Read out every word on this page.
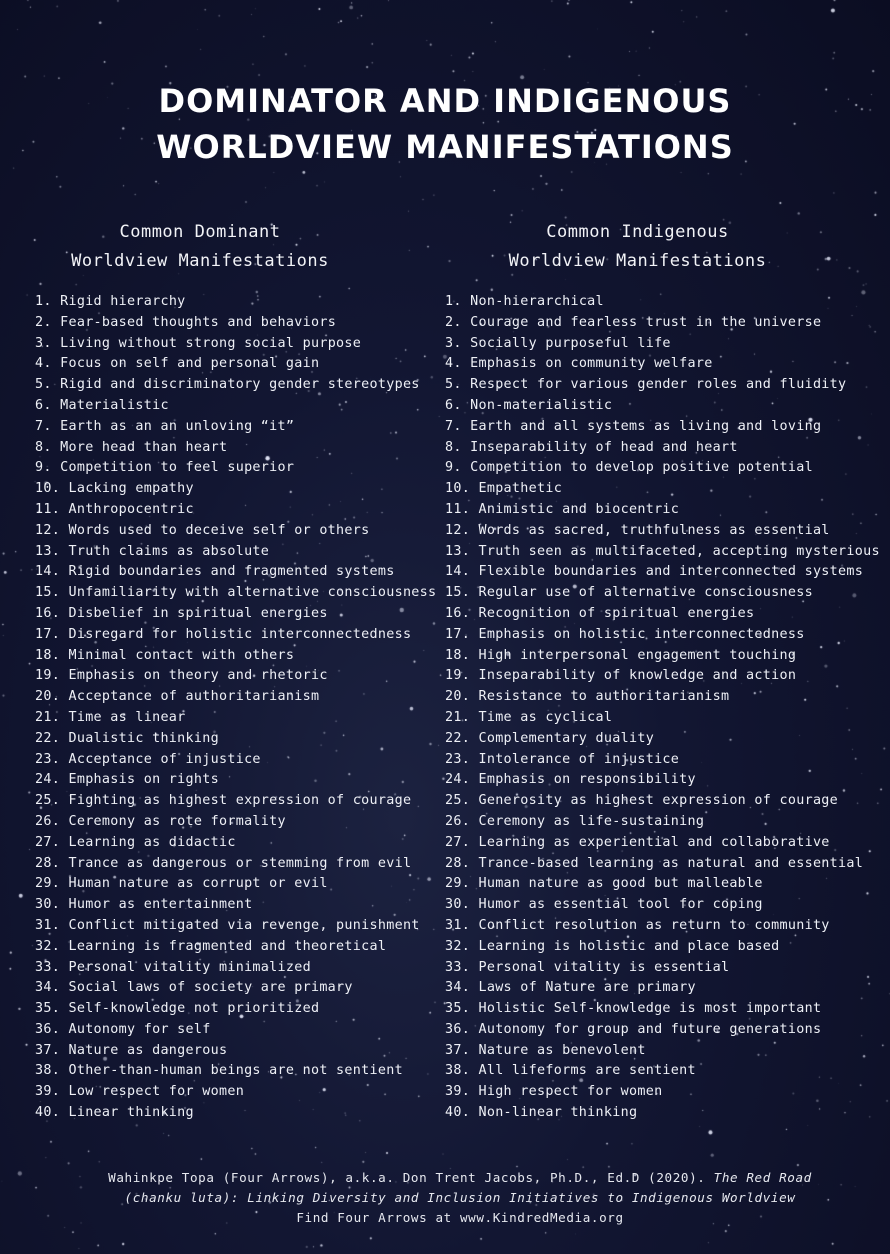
DOMINATOR AND INDIGENOUS
WORLDVIEW MANIFESTATIONS
Common Dominant
Worldview Manifestations
Common Indigenous
Worldview Manifestations
1. Rigid hierarchy
2. Fear-based thoughts and behaviors
3. Living without strong social purpose
4. Focus on self and personal gain
5. Rigid and discriminatory gender stereotypes
6. Materialistic
7. Earth as an an unloving “it”
8. More head than heart
9. Competition to feel superior
10. Lacking empathy
11. Anthropocentric
12. Words used to deceive self or others
13. Truth claims as absolute
14. Rigid boundaries and fragmented systems
15. Unfamiliarity with alternative consciousness
16. Disbelief in spiritual energies
17. Disregard for holistic interconnectedness
18. Minimal contact with others
19. Emphasis on theory and rhetoric
20. Acceptance of authoritarianism
21. Time as linear
22. Dualistic thinking
23. Acceptance of injustice
24. Emphasis on rights
25. Fighting as highest expression of courage
26. Ceremony as rote formality
27. Learning as didactic
28. Trance as dangerous or stemming from evil
29. Human nature as corrupt or evil
30. Humor as entertainment
31. Conflict mitigated via revenge, punishment
32. Learning is fragmented and theoretical
33. Personal vitality minimalized
34. Social laws of society are primary
35. Self-knowledge not prioritized
36. Autonomy for self
37. Nature as dangerous
38. Other-than-human beings are not sentient
39. Low respect for women
40. Linear thinking
1. Non-hierarchical
2. Courage and fearless trust in the universe
3. Socially purposeful life
4. Emphasis on community welfare
5. Respect for various gender roles and fluidity
6. Non-materialistic
7. Earth and all systems as living and loving
8. Inseparability of head and heart
9. Competition to develop positive potential
10. Empathetic
11. Animistic and biocentric
12. Words as sacred, truthfulness as essential
13. Truth seen as multifaceted, accepting mysterious
14. Flexible boundaries and interconnected systems
15. Regular use of alternative consciousness
16. Recognition of spiritual energies
17. Emphasis on holistic interconnectedness
18. High interpersonal engagement touching
19. Inseparability of knowledge and action
20. Resistance to authoritarianism
21. Time as cyclical
22. Complementary duality
23. Intolerance of injustice
24. Emphasis on responsibility
25. Generosity as highest expression of courage
26. Ceremony as life-sustaining
27. Learning as experiential and collaborative
28. Trance-based learning as natural and essential
29. Human nature as good but malleable
30. Humor as essential tool for coping
31. Conflict resolution as return to community
32. Learning is holistic and place based
33. Personal vitality is essential
34. Laws of Nature are primary
35. Holistic Self-knowledge is most important
36. Autonomy for group and future generations
37. Nature as benevolent
38. All lifeforms are sentient
39. High respect for women
40. Non-linear thinking
Wahinkpe Topa (Four Arrows), a.k.a. Don Trent Jacobs, Ph.D., Ed.D (2020). The Red Road
(chanku luta): Linking Diversity and Inclusion Initiatives to Indigenous Worldview
Find Four Arrows at www.KindredMedia.org
